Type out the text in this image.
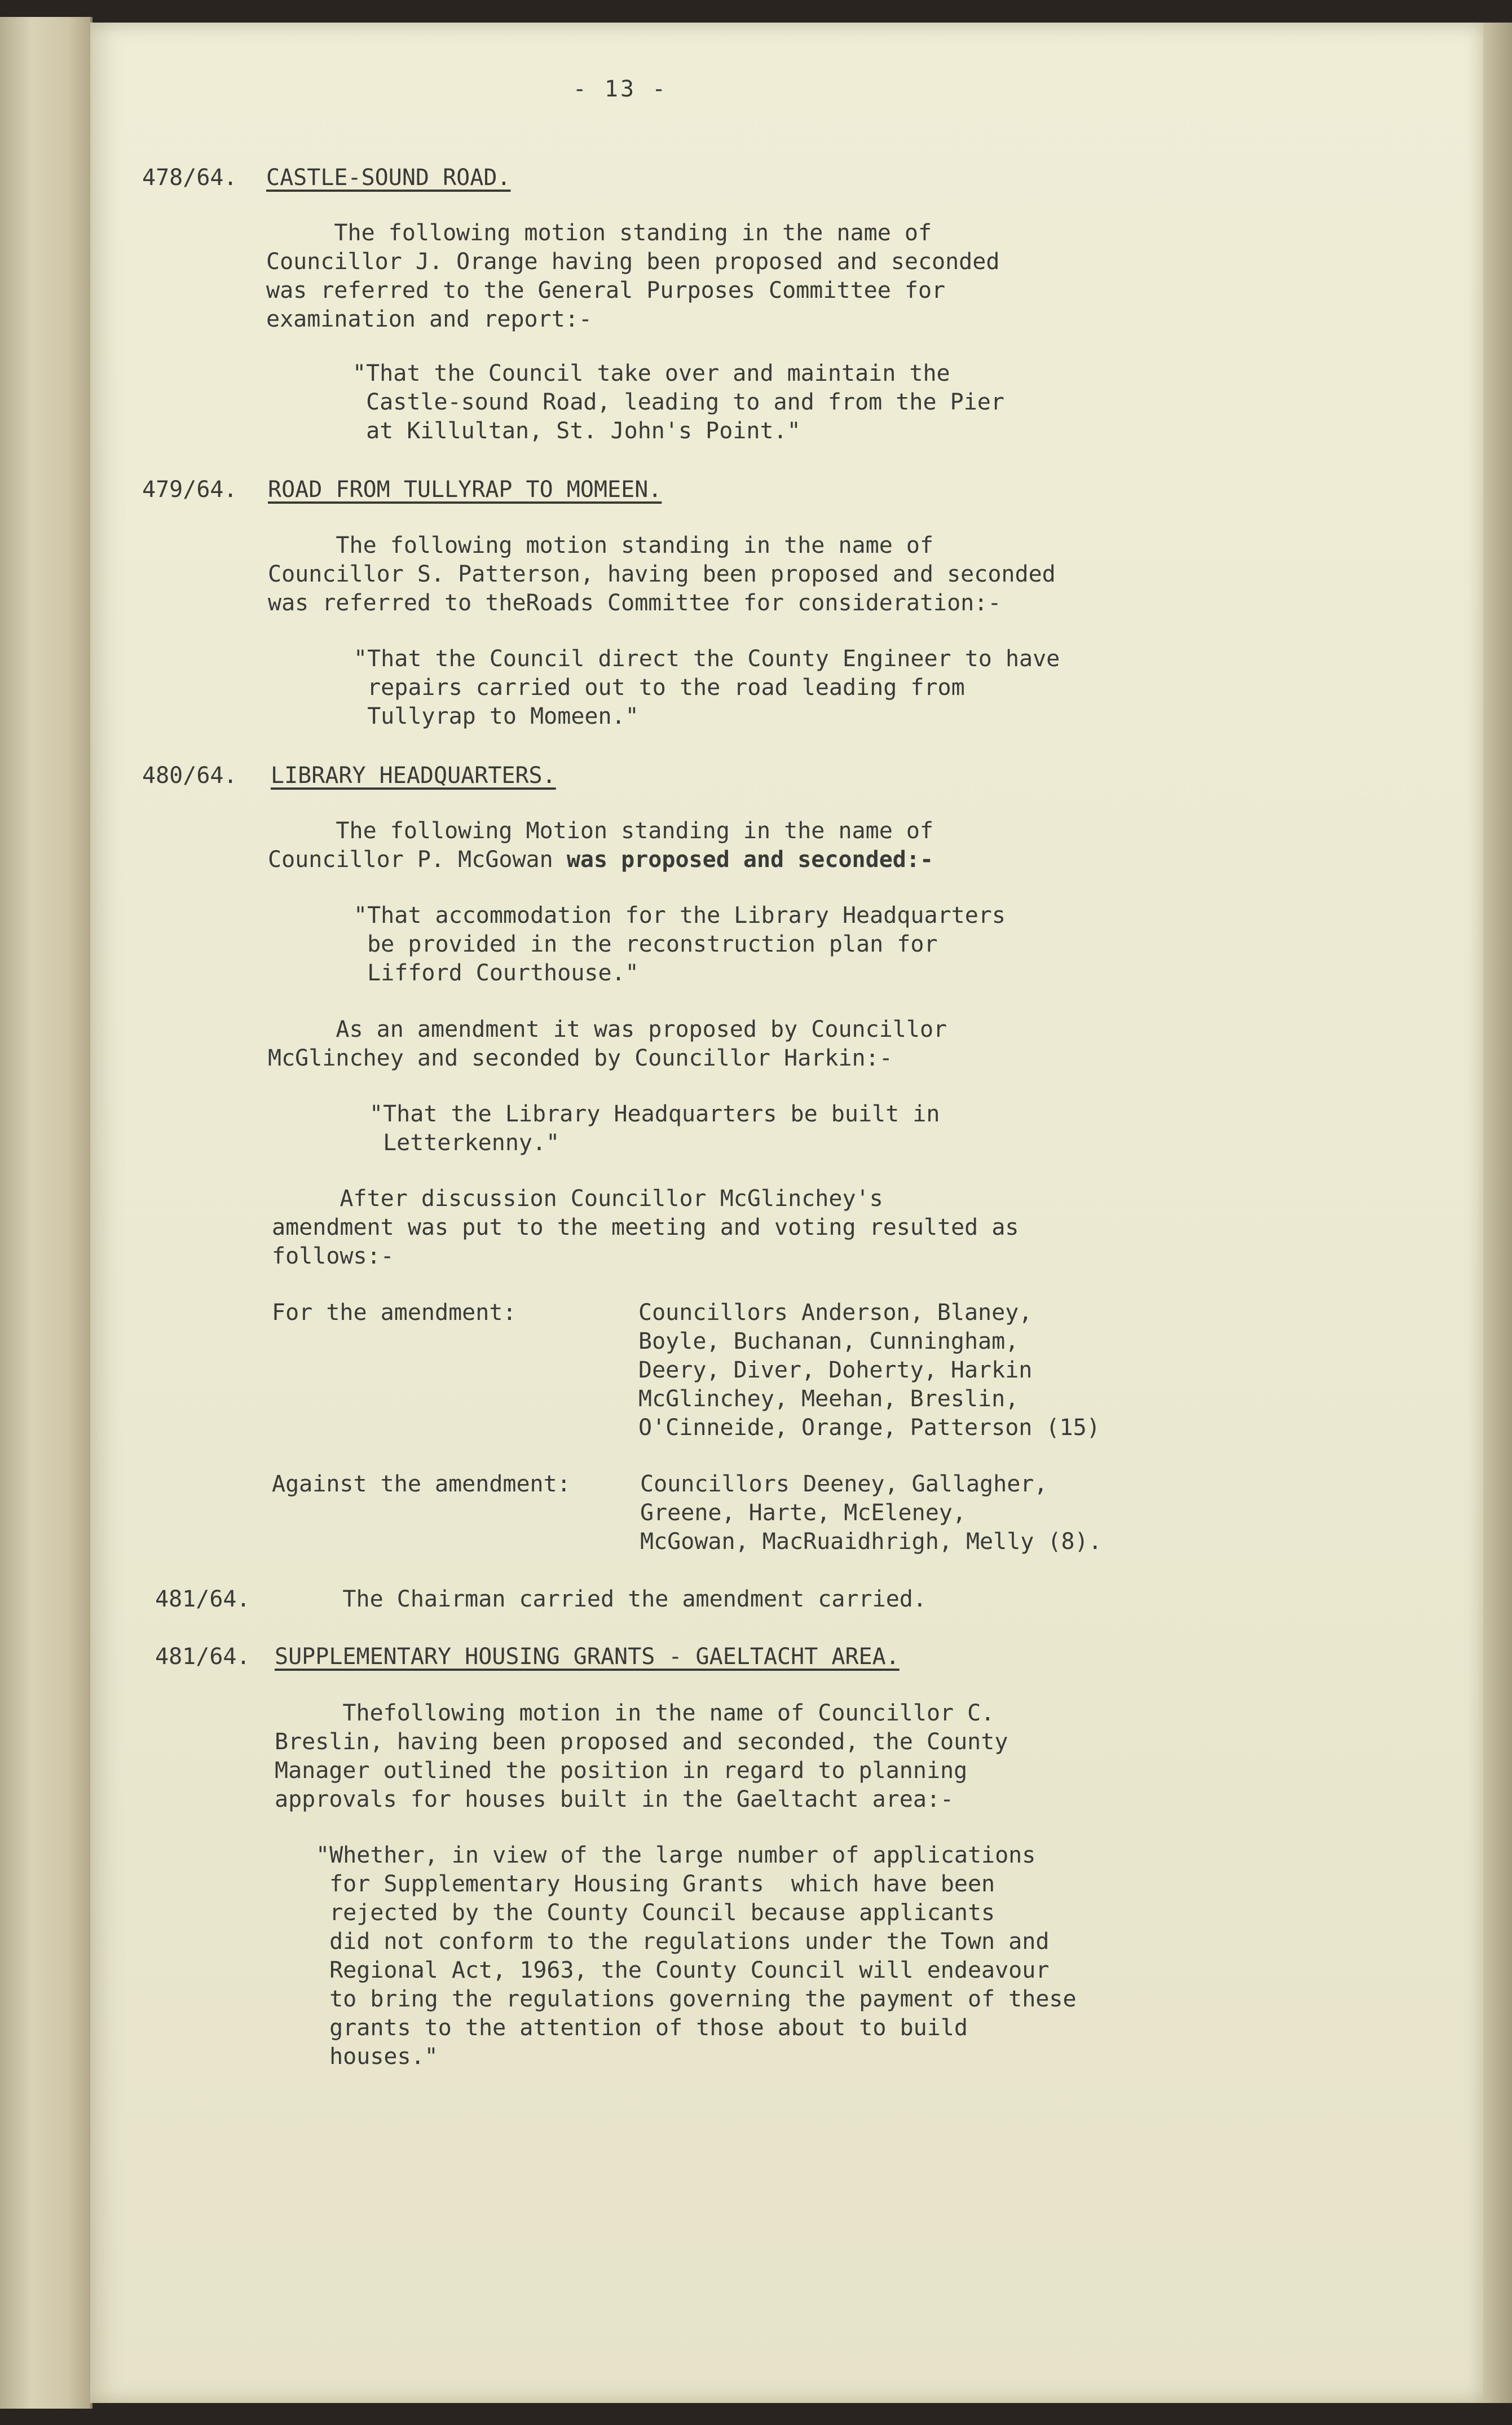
- 13 -
478/64.	CASTLE-SOUND ROAD.
The following motion standing in the name of
Councillor J. Orange having been proposed and seconded
was referred to the General Purposes Committee for
examination and report:-
"That the Council take over and maintain the
Castle-sound Road, leading to and from the Pier
at Killultan, St. John's Point."
479/64.	ROAD FROM TULLYRAP TO MOMEEN.
The following motion standing in the name of
Councillor S. Patterson, having been proposed and seconded
was referred to theRoads Committee for consideration:-
"That the Council direct the County Engineer to have
repairs carried out to the road leading from
Tullyrap to Momeen."
480/64.	LIBRARY HEADQUARTERS.
The following Motion standing in the name of
Councillor P. McGowan was proposed and seconded:-
"That accommodation for the Library Headquarters
be provided in the reconstruction plan for
Lifford Courthouse."
As an amendment it was proposed by Councillor
McGlinchey and seconded by Councillor Harkin:-
"That the Library Headquarters be built in
Letterkenny."
After discussion Councillor McGlinchey's
amendment was put to the meeting and voting resulted as
follows:-
For the amendment:	Councillors Anderson, Blaney,
Boyle, Buchanan, Cunningham,
Deery, Diver, Doherty, Harkin
McGlinchey, Meehan, Breslin,
O'Cinneide, Orange, Patterson (15)
Against the amendment:	Councillors Deeney, Gallagher,
Greene, Harte, McEleney,
McGowan, MacRuaidhrigh, Melly (8).
481/64.	The Chairman carried the amendment carried.
481/64.	SUPPLEMENTARY HOUSING GRANTS - GAELTACHT AREA.
Thefollowing motion in the name of Councillor C.
Breslin, having been proposed and seconded, the County
Manager outlined the position in regard to planning
approvals for houses built in the Gaeltacht area:-
"Whether, in view of the large number of applications
for Supplementary Housing Grants  which have been
rejected by the County Council because applicants
did not conform to the regulations under the Town and
Regional Act, 1963, the County Council will endeavour
to bring the regulations governing the payment of these
grants to the attention of those about to build
houses."
